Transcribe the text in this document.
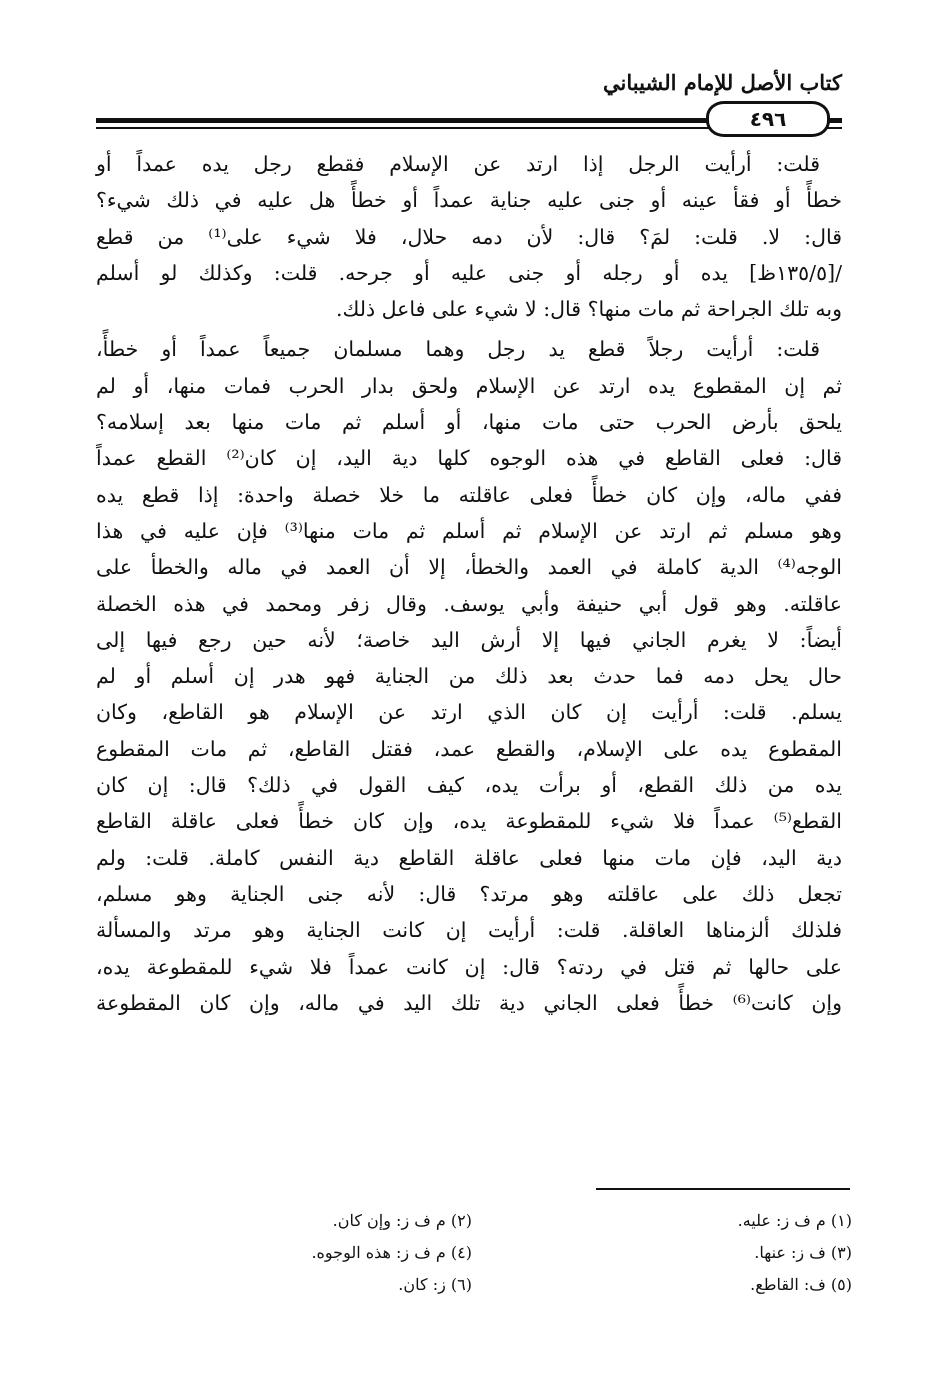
كتاب الأصل للإمام الشيباني
٤٩٦
قلت: أرأيت الرجل إذا ارتد عن الإسلام فقطع رجل يده عمداً أو
خطأً أو فقأ عينه أو جنى عليه جناية عمداً أو خطأً هل عليه في ذلك شيء؟
قال: لا. قلت: لمَ؟ قال: لأن دمه حلال، فلا شيء على⁽¹⁾ من قطع
/[١٣٥/٥ظ] يده أو رجله أو جنى عليه أو جرحه. قلت: وكذلك لو أسلم
وبه تلك الجراحة ثم مات منها؟ قال: لا شيء على فاعل ذلك.
قلت: أرأيت رجلاً قطع يد رجل وهما مسلمان جميعاً عمداً أو خطأً،
ثم إن المقطوع يده ارتد عن الإسلام ولحق بدار الحرب فمات منها، أو لم
يلحق بأرض الحرب حتى مات منها، أو أسلم ثم مات منها بعد إسلامه؟
قال: فعلى القاطع في هذه الوجوه كلها دية اليد، إن كان⁽²⁾ القطع عمداً
ففي ماله، وإن كان خطأً فعلى عاقلته ما خلا خصلة واحدة: إذا قطع يده
وهو مسلم ثم ارتد عن الإسلام ثم أسلم ثم مات منها⁽³⁾ فإن عليه في هذا
الوجه⁽⁴⁾ الدية كاملة في العمد والخطأ، إلا أن العمد في ماله والخطأ على
عاقلته. وهو قول أبي حنيفة وأبي يوسف. وقال زفر ومحمد في هذه الخصلة
أيضاً: لا يغرم الجاني فيها إلا أرش اليد خاصة؛ لأنه حين رجع فيها إلى
حال يحل دمه فما حدث بعد ذلك من الجناية فهو هدر إن أسلم أو لم
يسلم. قلت: أرأيت إن كان الذي ارتد عن الإسلام هو القاطع، وكان
المقطوع يده على الإسلام، والقطع عمد، فقتل القاطع، ثم مات المقطوع
يده من ذلك القطع، أو برأت يده، كيف القول في ذلك؟ قال: إن كان
القطع⁽⁵⁾ عمداً فلا شيء للمقطوعة يده، وإن كان خطأً فعلى عاقلة القاطع
دية اليد، فإن مات منها فعلى عاقلة القاطع دية النفس كاملة. قلت: ولم
تجعل ذلك على عاقلته وهو مرتد؟ قال: لأنه جنى الجناية وهو مسلم،
فلذلك ألزمناها العاقلة. قلت: أرأيت إن كانت الجناية وهو مرتد والمسألة
على حالها ثم قتل في ردته؟ قال: إن كانت عمداً فلا شيء للمقطوعة يده،
وإن كانت⁽⁶⁾ خطأً فعلى الجاني دية تلك اليد في ماله، وإن كان المقطوعة
(١) م ف ز: عليه.(٢) م ف ز: وإن كان.
(٣) ف ز: عنها.(٤) م ف ز: هذه الوجوه.
(٥) ف: القاطع.(٦) ز: كان.
